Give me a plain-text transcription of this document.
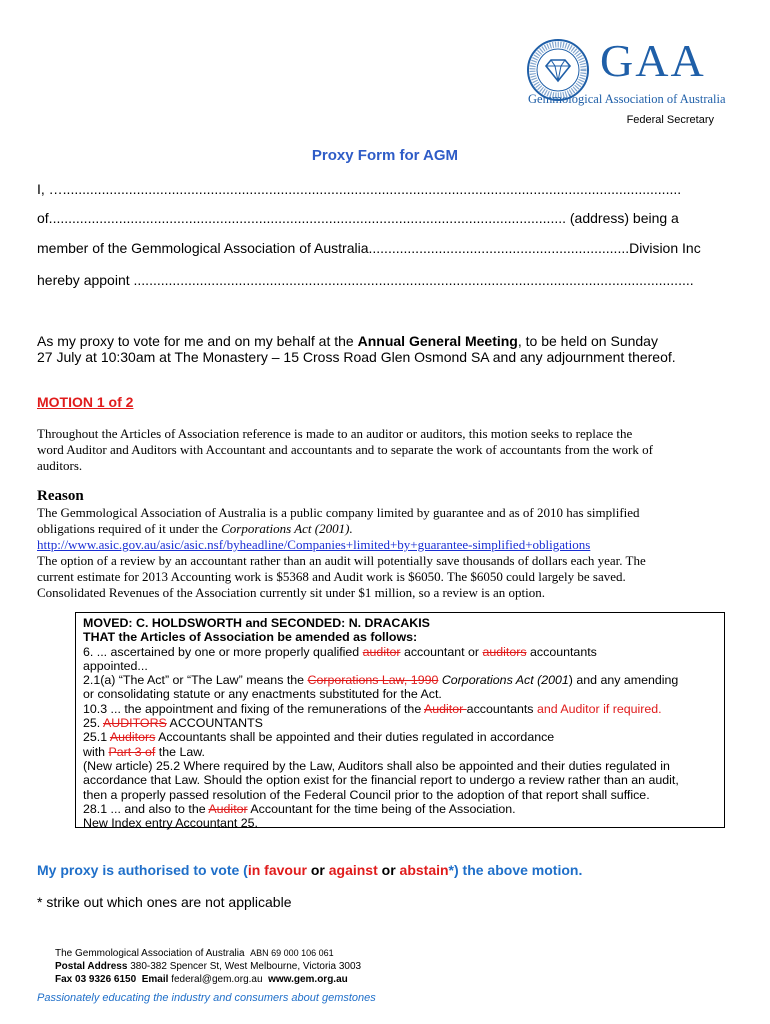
GAA
Gemmological Association of Australia
Federal Secretary
Proxy Form for AGM
I, …...............................................................................................................................................................
of..................................................................................................................................... (address) being a
member of the Gemmological Association of Australia...................................................................Division Inc
hereby appoint ................................................................................................................................................
As my proxy to vote for me and on my behalf at the Annual General Meeting, to be held on Sunday
27 July at 10:30am at The Monastery – 15 Cross Road Glen Osmond SA and any adjournment thereof.
MOTION 1 of 2
Throughout the Articles of Association reference is made to an auditor or auditors, this motion seeks to replace the
word Auditor and Auditors with Accountant and accountants and to separate the work of accountants from the work of
auditors.
Reason
The Gemmological Association of Australia is a public company limited by guarantee and as of 2010 has simplified
obligations required of it under the Corporations Act (2001).
http://www.asic.gov.au/asic/asic.nsf/byheadline/Companies+limited+by+guarantee-simplified+obligations
The option of a review by an accountant rather than an audit will potentially save thousands of dollars each year. The
current estimate for 2013 Accounting work is $5368 and Audit work is $6050. The $6050 could largely be saved.
Consolidated Revenues of the Association currently sit under $1 million, so a review is an option.
MOVED: C. HOLDSWORTH and SECONDED: N. DRACAKIS
THAT the Articles of Association be amended as follows:
6. ... ascertained by one or more properly qualified auditor accountant or auditors accountants
appointed...
2.1(a) “The Act” or “The Law” means the Corporations Law, 1990 Corporations Act (2001) and any amending
or consolidating statute or any enactments substituted for the Act.
10.3 ... the appointment and fixing of the remunerations of the Auditor accountants and Auditor if required.
25. AUDITORS ACCOUNTANTS
25.1 Auditors Accountants shall be appointed and their duties regulated in accordance
with Part 3 of the Law.
(New article) 25.2 Where required by the Law, Auditors shall also be appointed and their duties regulated in
accordance that Law. Should the option exist for the financial report to undergo a review rather than an audit,
then a properly passed resolution of the Federal Council prior to the adoption of that report shall suffice.
28.1 ... and also to the Auditor Accountant for the time being of the Association.
New Index entry Accountant 25.
My proxy is authorised to vote (in favour or against or abstain*) the above motion.
* strike out which ones are not applicable
The Gemmological Association of Australia ABN 69 000 106 061
Postal Address 380-382 Spencer St, West Melbourne, Victoria 3003
Fax 03 9326 6150 Email federal@gem.org.au www.gem.org.au
Passionately educating the industry and consumers about gemstones
